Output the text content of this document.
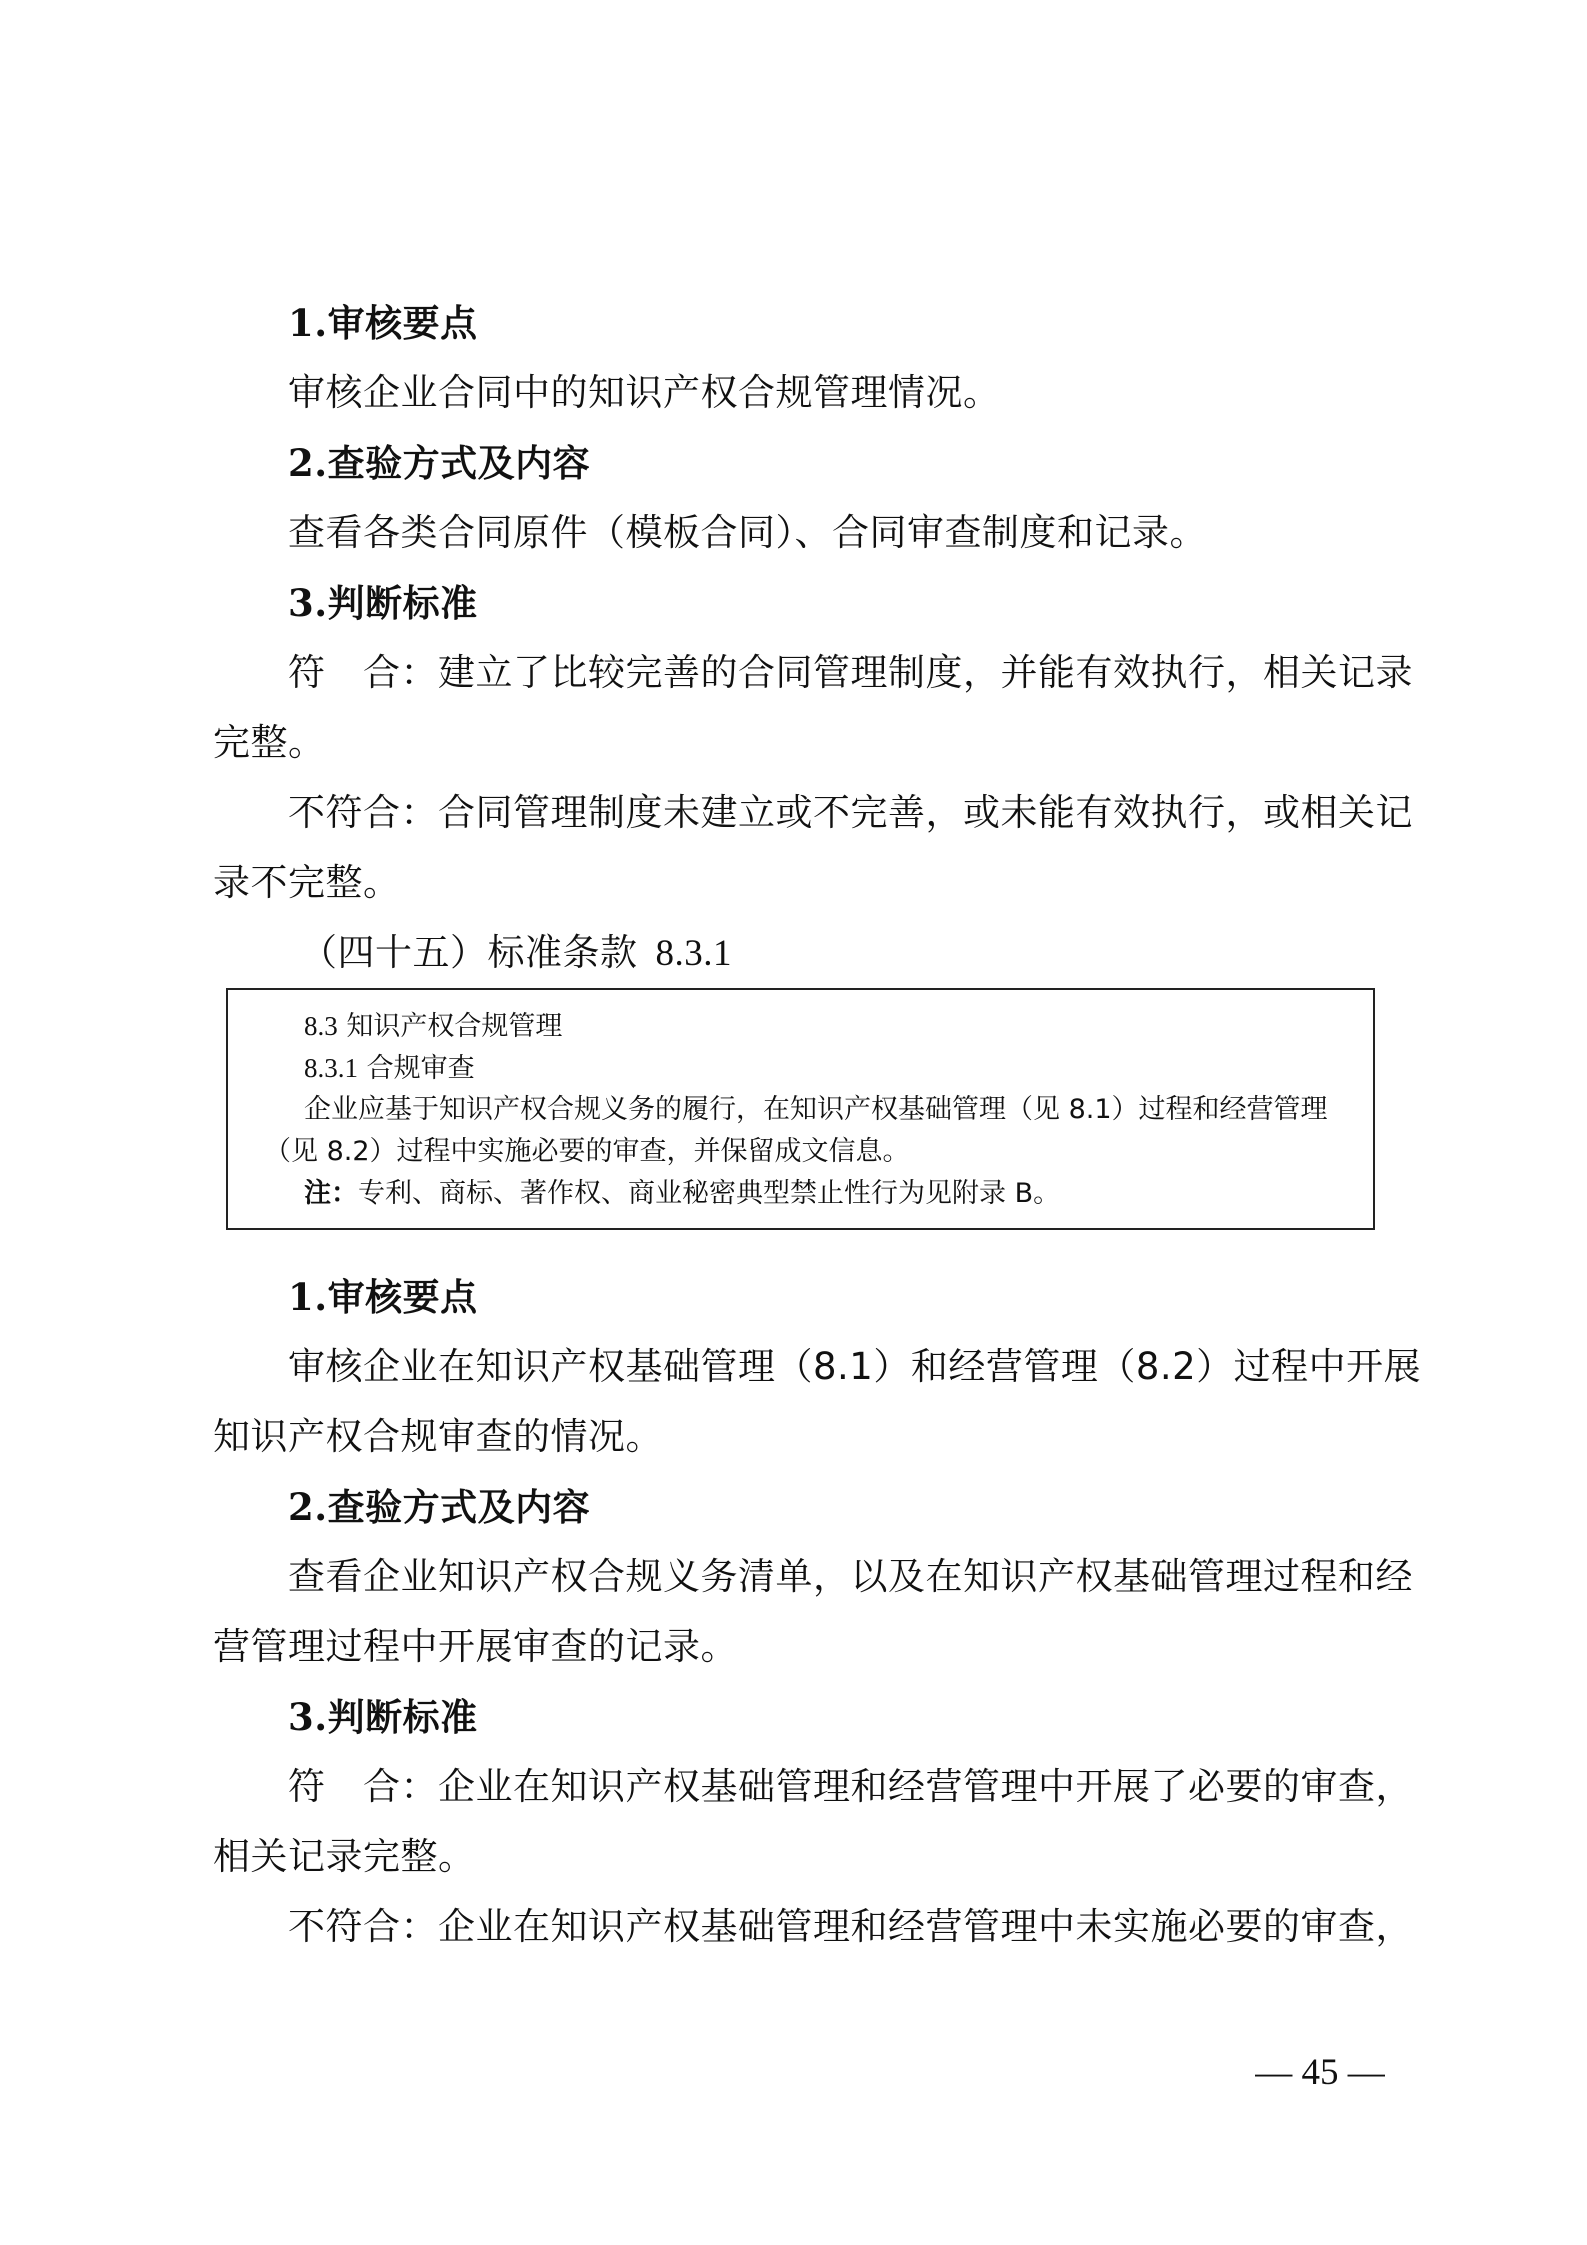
1.审核要点
审核企业合同中的知识产权合规管理情况。
2.查验方式及内容
查看各类合同原件（模板合同）、合同审查制度和记录。
3.判断标准
符　合：建立了比较完善的合同管理制度，并能有效执行，相关记录
完整。
不符合：合同管理制度未建立或不完善，或未能有效执行，或相关记
录不完整。
（四十五）标准条款 8.3.1
8.3 知识产权合规管理
8.3.1 合规审查
企业应基于知识产权合规义务的履行，在知识产权基础管理（见 8.1）过程和经营管理
（见 8.2）过程中实施必要的审查，并保留成文信息。
注：专利、商标、著作权、商业秘密典型禁止性行为见附录 B。
1.审核要点
审核企业在知识产权基础管理（8.1）和经营管理（8.2）过程中开展
知识产权合规审查的情况。
2.查验方式及内容
查看企业知识产权合规义务清单，以及在知识产权基础管理过程和经
营管理过程中开展审查的记录。
3.判断标准
符　合：企业在知识产权基础管理和经营管理中开展了必要的审查，
相关记录完整。
不符合：企业在知识产权基础管理和经营管理中未实施必要的审查，
— 45 —
